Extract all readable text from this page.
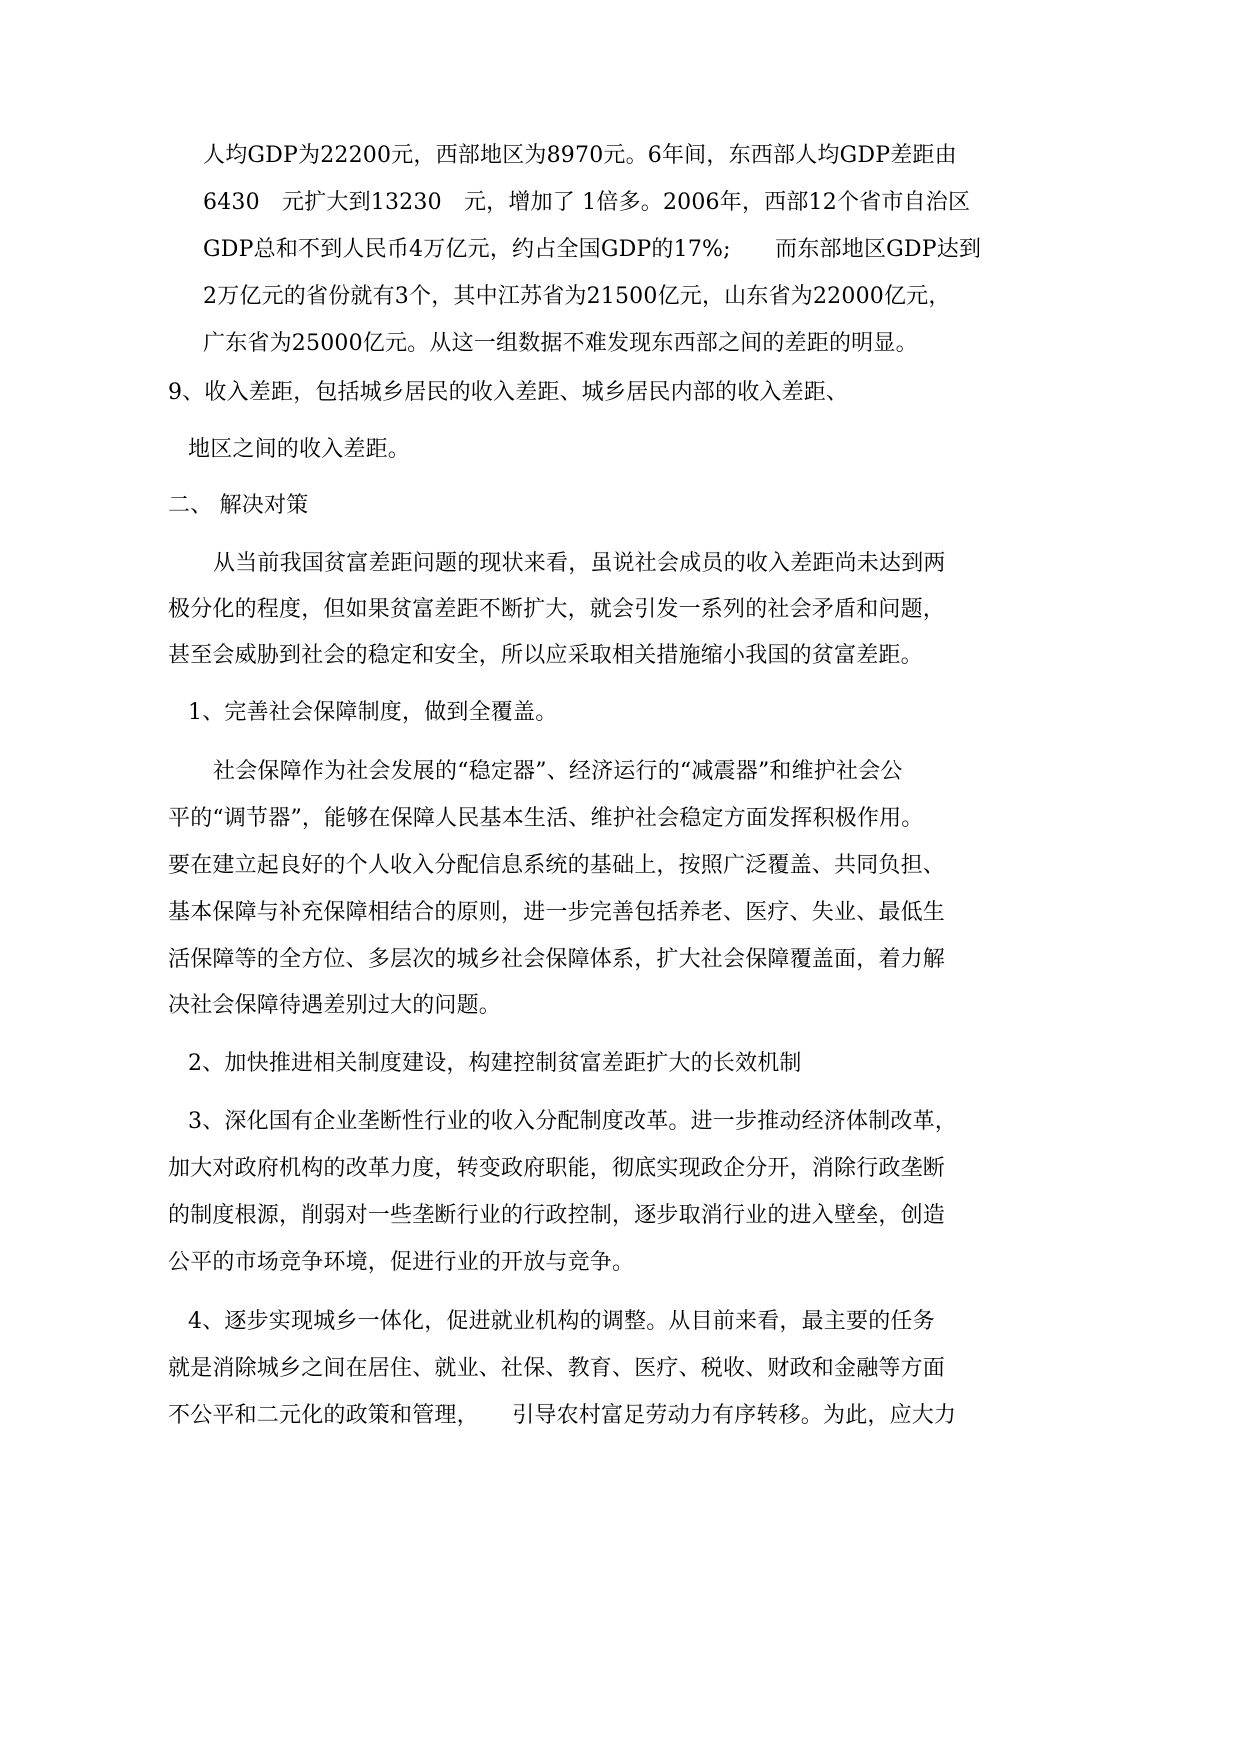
人均GDP为22200元，西部地区为8970元。6年间，东西部人均GDP差距由
6430　元扩大到13230　元，增加了 1倍多。2006年，西部12个省市自治区
GDP总和不到人民币4万亿元，约占全国GDP的17%;　　而东部地区GDP达到
2万亿元的省份就有3个，其中江苏省为21500亿元，山东省为22000亿元，
广东省为25000亿元。从这一组数据不难发现东西部之间的差距的明显。
9、收入差距，包括城乡居民的收入差距、城乡居民内部的收入差距、
地区之间的收入差距。
二、 解决对策
从当前我国贫富差距问题的现状来看，虽说社会成员的收入差距尚未达到两
极分化的程度，但如果贫富差距不断扩大，就会引发一系列的社会矛盾和问题，
甚至会威胁到社会的稳定和安全，所以应采取相关措施缩小我国的贫富差距。
1、完善社会保障制度，做到全覆盖。
社会保障作为社会发展的“稳定器”、经济运行的“减震器”和维护社会公
平的“调节器”，能够在保障人民基本生活、维护社会稳定方面发挥积极作用。
要在建立起良好的个人收入分配信息系统的基础上，按照广泛覆盖、共同负担、
基本保障与补充保障相结合的原则，进一步完善包括养老、医疗、失业、最低生
活保障等的全方位、多层次的城乡社会保障体系，扩大社会保障覆盖面，着力解
决社会保障待遇差别过大的问题。
2、加快推进相关制度建设，构建控制贫富差距扩大的长效机制
3、深化国有企业垄断性行业的收入分配制度改革。进一步推动经济体制改革，
加大对政府机构的改革力度，转变政府职能，彻底实现政企分开，消除行政垄断
的制度根源，削弱对一些垄断行业的行政控制，逐步取消行业的进入壁垒，创造
公平的市场竞争环境，促进行业的开放与竞争。
4、逐步实现城乡一体化，促进就业机构的调整。从目前来看，最主要的任务
就是消除城乡之间在居住、就业、社保、教育、医疗、税收、财政和金融等方面
不公平和二元化的政策和管理，　　引导农村富足劳动力有序转移。为此，应大力
